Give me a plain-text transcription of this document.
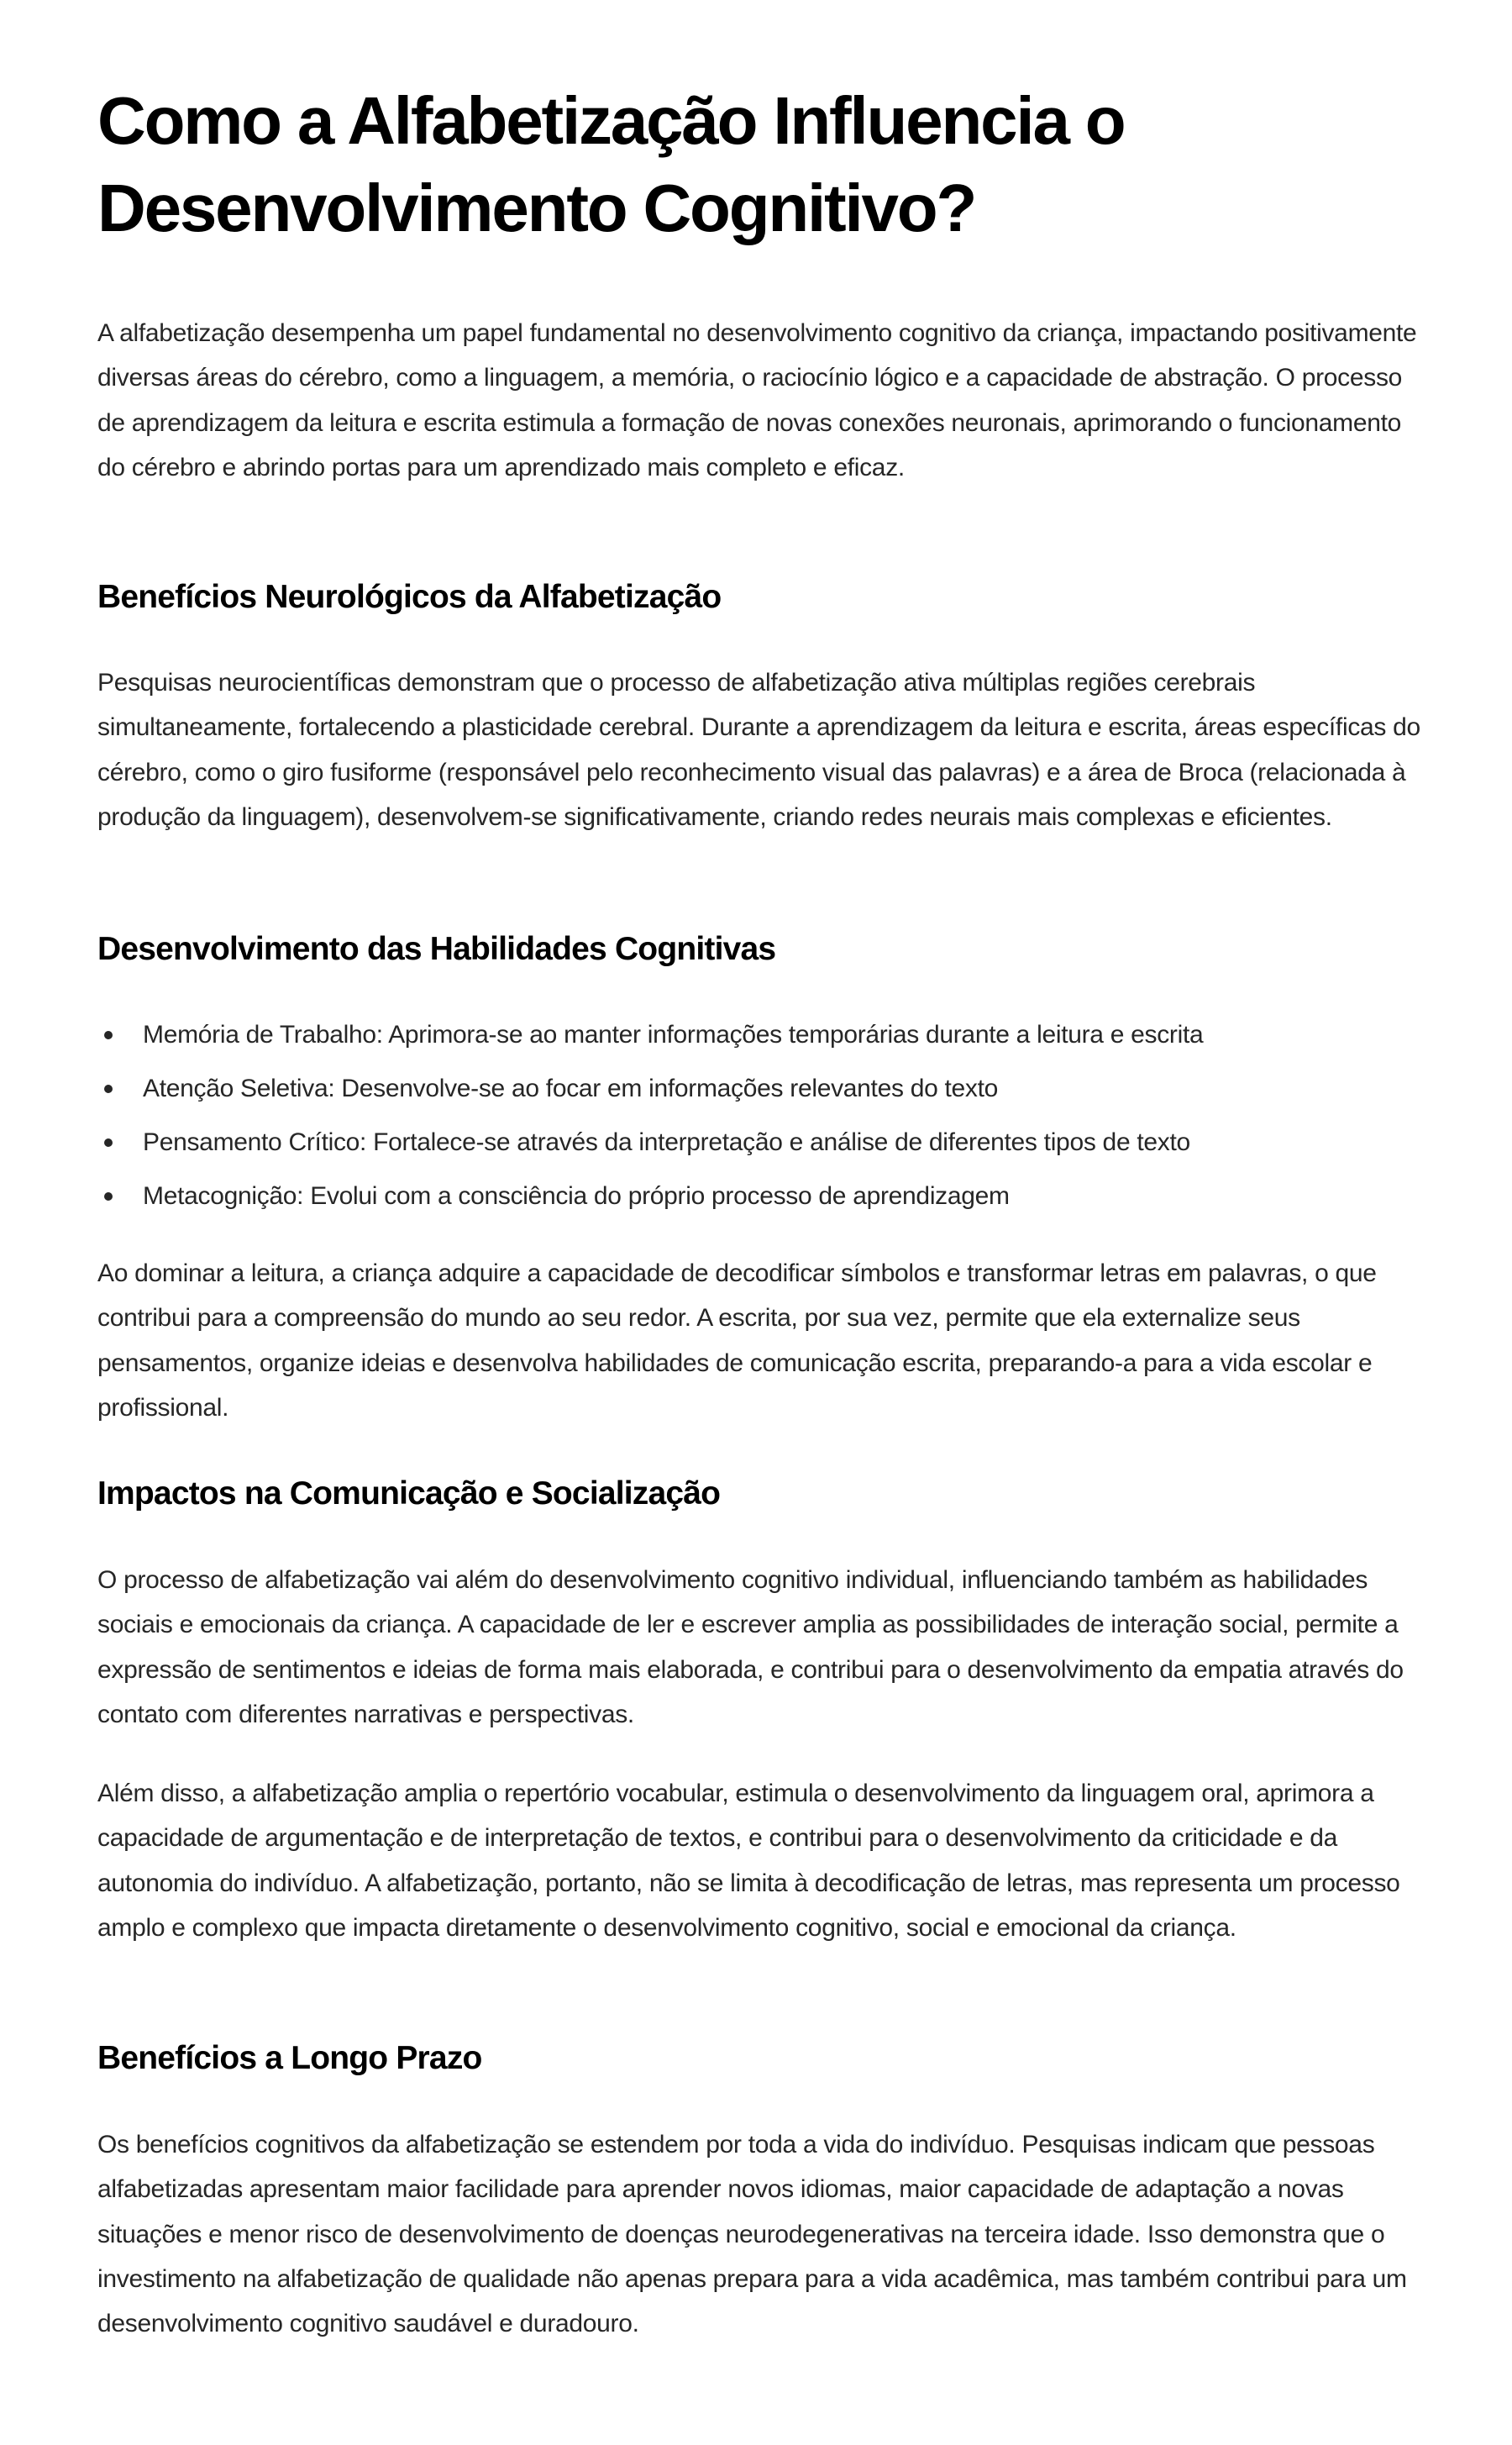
Como a Alfabetização Influencia o Desenvolvimento Cognitivo?

A alfabetização desempenha um papel fundamental no desenvolvimento cognitivo da criança, impactando positivamente diversas áreas do cérebro, como a linguagem, a memória, o raciocínio lógico e a capacidade de abstração. O processo de aprendizagem da leitura e escrita estimula a formação de novas conexões neuronais, aprimorando o funcionamento do cérebro e abrindo portas para um aprendizado mais completo e eficaz.

Benefícios Neurológicos da Alfabetização

Pesquisas neurocientíficas demonstram que o processo de alfabetização ativa múltiplas regiões cerebrais simultaneamente, fortalecendo a plasticidade cerebral. Durante a aprendizagem da leitura e escrita, áreas específicas do cérebro, como o giro fusiforme (responsável pelo reconhecimento visual das palavras) e a área de Broca (relacionada à produção da linguagem), desenvolvem-se significativamente, criando redes neurais mais complexas e eficientes.

Desenvolvimento das Habilidades Cognitivas
Memória de Trabalho: Aprimora-se ao manter informações temporárias durante a leitura e escrita
Atenção Seletiva: Desenvolve-se ao focar em informações relevantes do texto
Pensamento Crítico: Fortalece-se através da interpretação e análise de diferentes tipos de texto
Metacognição: Evolui com a consciência do próprio processo de aprendizagem

Ao dominar a leitura, a criança adquire a capacidade de decodificar símbolos e transformar letras em palavras, o que contribui para a compreensão do mundo ao seu redor. A escrita, por sua vez, permite que ela externalize seus pensamentos, organize ideias e desenvolva habilidades de comunicação escrita, preparando-a para a vida escolar e profissional.

Impactos na Comunicação e Socialização

O processo de alfabetização vai além do desenvolvimento cognitivo individual, influenciando também as habilidades sociais e emocionais da criança. A capacidade de ler e escrever amplia as possibilidades de interação social, permite a expressão de sentimentos e ideias de forma mais elaborada, e contribui para o desenvolvimento da empatia através do contato com diferentes narrativas e perspectivas.

Além disso, a alfabetização amplia o repertório vocabular, estimula o desenvolvimento da linguagem oral, aprimora a capacidade de argumentação e de interpretação de textos, e contribui para o desenvolvimento da criticidade e da autonomia do indivíduo. A alfabetização, portanto, não se limita à decodificação de letras, mas representa um processo amplo e complexo que impacta diretamente o desenvolvimento cognitivo, social e emocional da criança.

Benefícios a Longo Prazo

Os benefícios cognitivos da alfabetização se estendem por toda a vida do indivíduo. Pesquisas indicam que pessoas alfabetizadas apresentam maior facilidade para aprender novos idiomas, maior capacidade de adaptação a novas situações e menor risco de desenvolvimento de doenças neurodegenerativas na terceira idade. Isso demonstra que o investimento na alfabetização de qualidade não apenas prepara para a vida acadêmica, mas também contribui para um desenvolvimento cognitivo saudável e duradouro.
